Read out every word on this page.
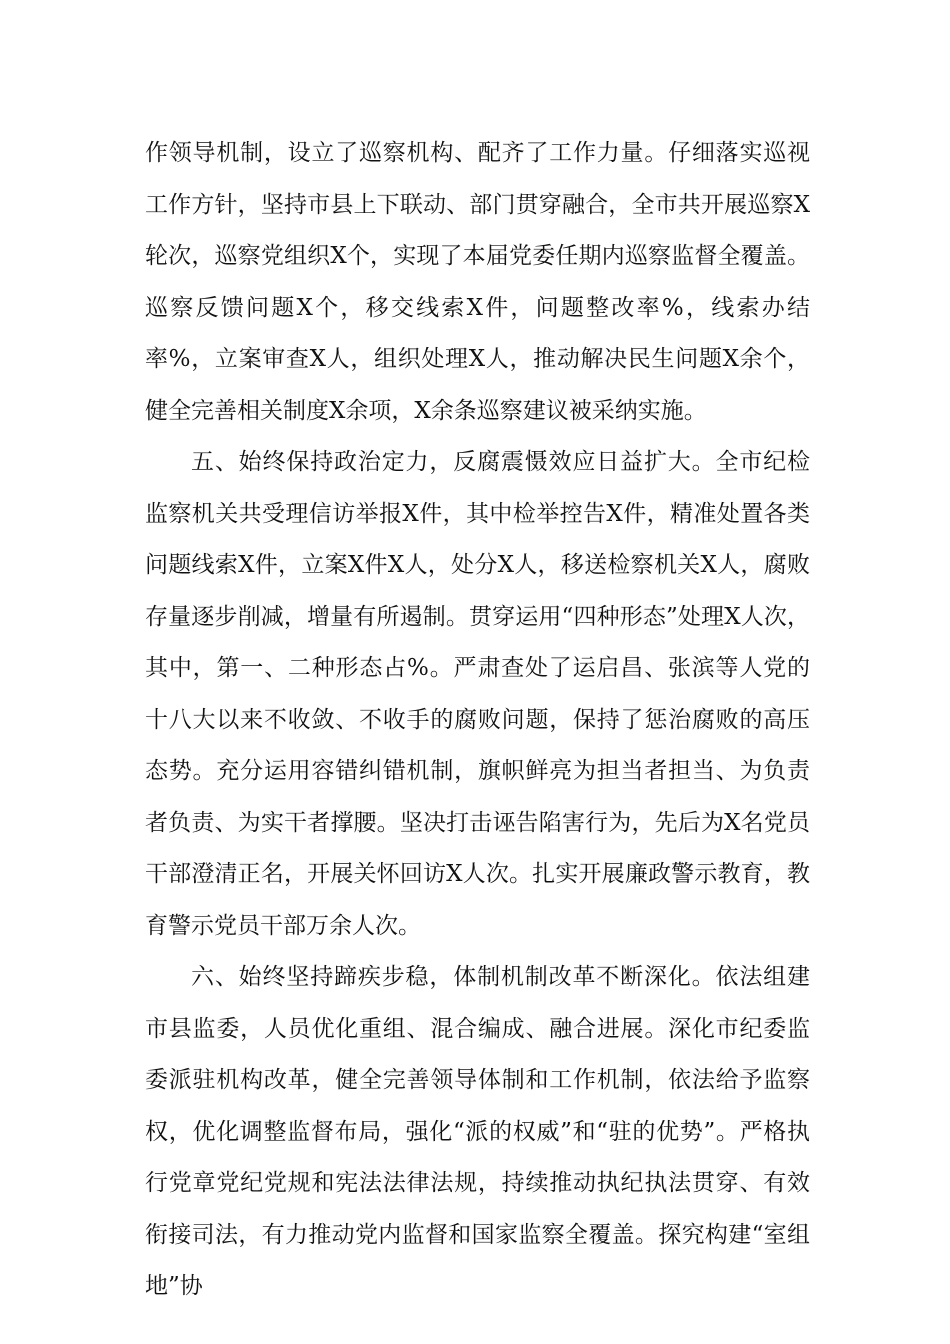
作领导机制，设立了巡察机构、配齐了工作力量。仔细落实巡视工作方针，坚持市县上下联动、部门贯穿融合，全市共开展巡察X轮次，巡察党组织X个，实现了本届党委任期内巡察监督全覆盖。巡察反馈问题X个，移交线索X件，问题整改率%，线索办结率%，立案审查X人，组织处理X人，推动解决民生问题X余个，健全完善相关制度X余项，X余条巡察建议被采纳实施。

五、始终保持政治定力，反腐震慑效应日益扩大。全市纪检监察机关共受理信访举报X件，其中检举控告X件，精准处置各类问题线索X件，立案X件X人，处分X人，移送检察机关X人，腐败存量逐步削减，增量有所遏制。贯穿运用“四种形态”处理X人次，其中，第一、二种形态占%。严肃查处了运启昌、张滨等人党的十八大以来不收敛、不收手的腐败问题，保持了惩治腐败的高压态势。充分运用容错纠错机制，旗帜鲜亮为担当者担当、为负责者负责、为实干者撑腰。坚决打击诬告陷害行为，先后为X名党员干部澄清正名，开展关怀回访X人次。扎实开展廉政警示教育，教育警示党员干部万余人次。

六、始终坚持蹄疾步稳，体制机制改革不断深化。依法组建市县监委，人员优化重组、混合编成、融合进展。深化市纪委监委派驻机构改革，健全完善领导体制和工作机制，依法给予监察权，优化调整监督布局，强化“派的权威”和“驻的优势”。严格执行党章党纪党规和宪法法律法规，持续推动执纪执法贯穿、有效衔接司法，有力推动党内监督和国家监察全覆盖。探究构建“室组地”协
